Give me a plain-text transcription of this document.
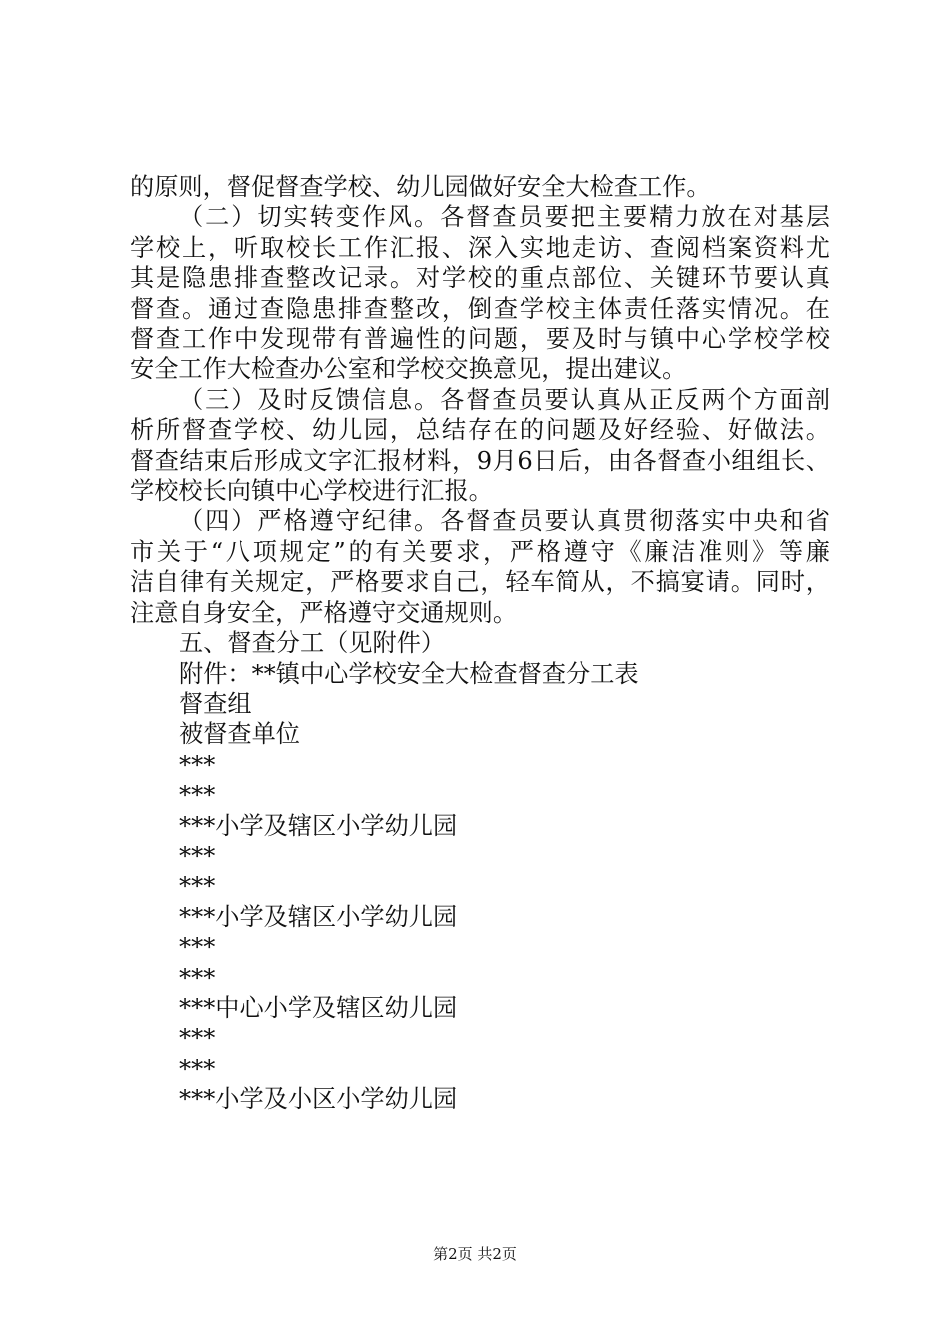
的原则，督促督查学校、幼儿园做好安全大检查工作。

（二）切实转变作风。各督查员要把主要精力放在对基层

学校上，听取校长工作汇报、深入实地走访、查阅档案资料尤

其是隐患排查整改记录。对学校的重点部位、关键环节要认真

督查。通过查隐患排查整改，倒查学校主体责任落实情况。在

督查工作中发现带有普遍性的问题，要及时与镇中心学校学校

安全工作大检查办公室和学校交换意见，提出建议。

（三）及时反馈信息。各督查员要认真从正反两个方面剖

析所督查学校、幼儿园，总结存在的问题及好经验、好做法。

督查结束后形成文字汇报材料，9月6日后，由各督查小组组长、

学校校长向镇中心学校进行汇报。

（四）严格遵守纪律。各督查员要认真贯彻落实中央和省

市关于“八项规定”的有关要求，严格遵守《廉洁准则》等廉

洁自律有关规定，严格要求自己，轻车简从，不搞宴请。同时，

注意自身安全，严格遵守交通规则。

五、督查分工（见附件）

附件：**镇中心学校安全大检查督查分工表

督查组

被督查单位

***

***

***小学及辖区小学幼儿园

***

***

***小学及辖区小学幼儿园

***

***

***中心小学及辖区幼儿园

***

***

***小学及小区小学幼儿园

第2页 共2页
